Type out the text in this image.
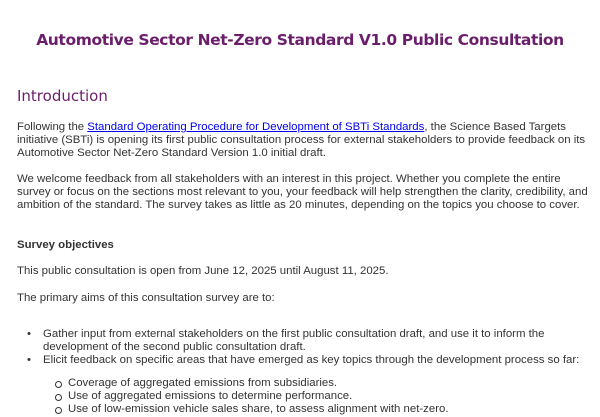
Automotive Sector Net-Zero Standard V1.0 Public Consultation
Introduction

Following the Standard Operating Procedure for Development of SBTi Standards, the Science Based Targets initiative (SBTi) is opening its first public consultation process for external stakeholders to provide feedback on its Automotive Sector Net-Zero Standard Version 1.0 initial draft.

We welcome feedback from all stakeholders with an interest in this project. Whether you complete the entire survey or focus on the sections most relevant to you, your feedback will help strengthen the clarity, credibility, and ambition of the standard. The survey takes as little as 20 minutes, depending on the topics you choose to cover.

Survey objectives

This public consultation is open from June 12, 2025 until August 11, 2025.

The primary aims of this consultation survey are to:

• Gather input from external stakeholders on the first public consultation draft, and use it to inform the development of the second public consultation draft.
• Elicit feedback on specific areas that have emerged as key topics through the development process so far:
Coverage of aggregated emissions from subsidiaries.
Use of aggregated emissions to determine performance.
Use of low-emission vehicle sales share, to assess alignment with net-zero.
